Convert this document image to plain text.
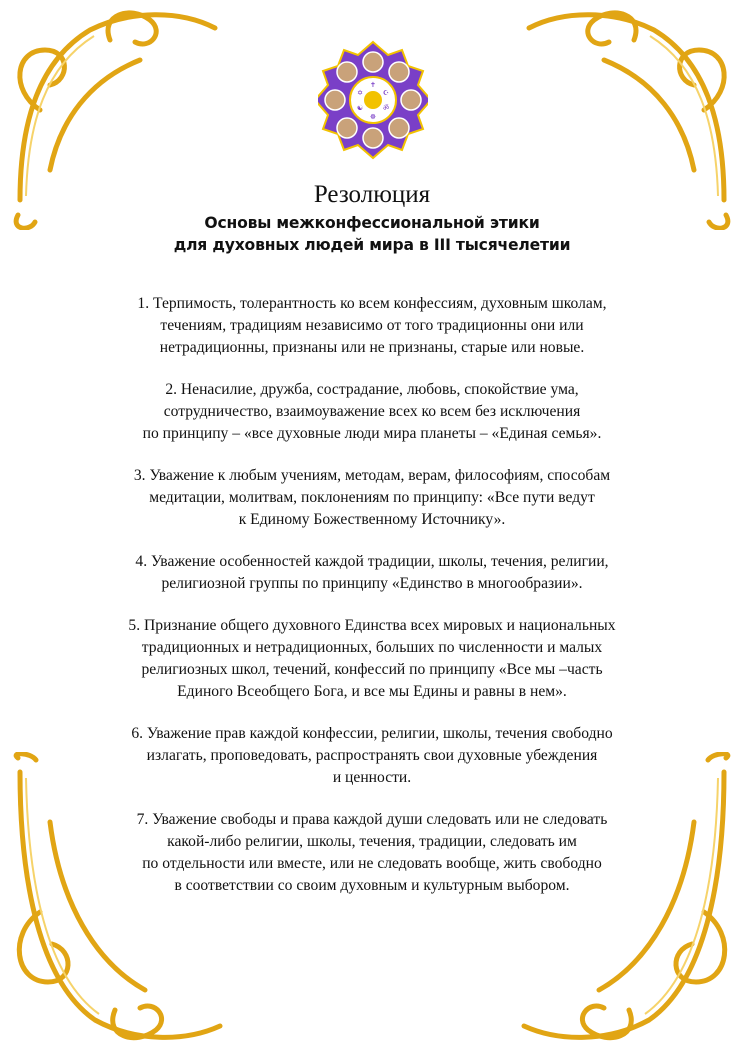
✝
☪
ॐ
☸
☯
✡
Резолюция
Основы межконфессиональной этики
для духовных людей мира в III тысячелетии

1. Терпимость, толерантность ко всем конфессиям, духовным школам,
течениям, традициям независимо от того традиционны они или
нетрадиционны, признаны или не признаны, старые или новые.

2. Ненасилие, дружба, сострадание, любовь, спокойствие ума,
сотрудничество, взаимоуважение всех ко всем без исключения
по принципу – «все духовные люди мира планеты – «Единая семья».

3. Уважение к любым учениям, методам, верам, философиям, способам
медитации, молитвам, поклонениям по принципу: «Все пути ведут
к Единому Божественному Источнику».

4. Уважение особенностей каждой традиции, школы, течения, религии,
религиозной группы по принципу «Единство в многообразии».

5. Признание общего духовного Единства всех мировых и национальных
традиционных и нетрадиционных, больших по численности и малых
религиозных школ, течений, конфессий по принципу «Все мы –часть
Единого Всеобщего Бога, и все мы Едины и равны в нем».

6. Уважение прав каждой конфессии, религии, школы, течения свободно
излагать, проповедовать, распространять свои духовные убеждения
и ценности.

7. Уважение свободы и права каждой души следовать или не следовать
какой-либо религии, школы, течения, традиции, следовать им
по отдельности или вместе, или не следовать вообще, жить свободно
в соответствии со своим духовным и культурным выбором.
